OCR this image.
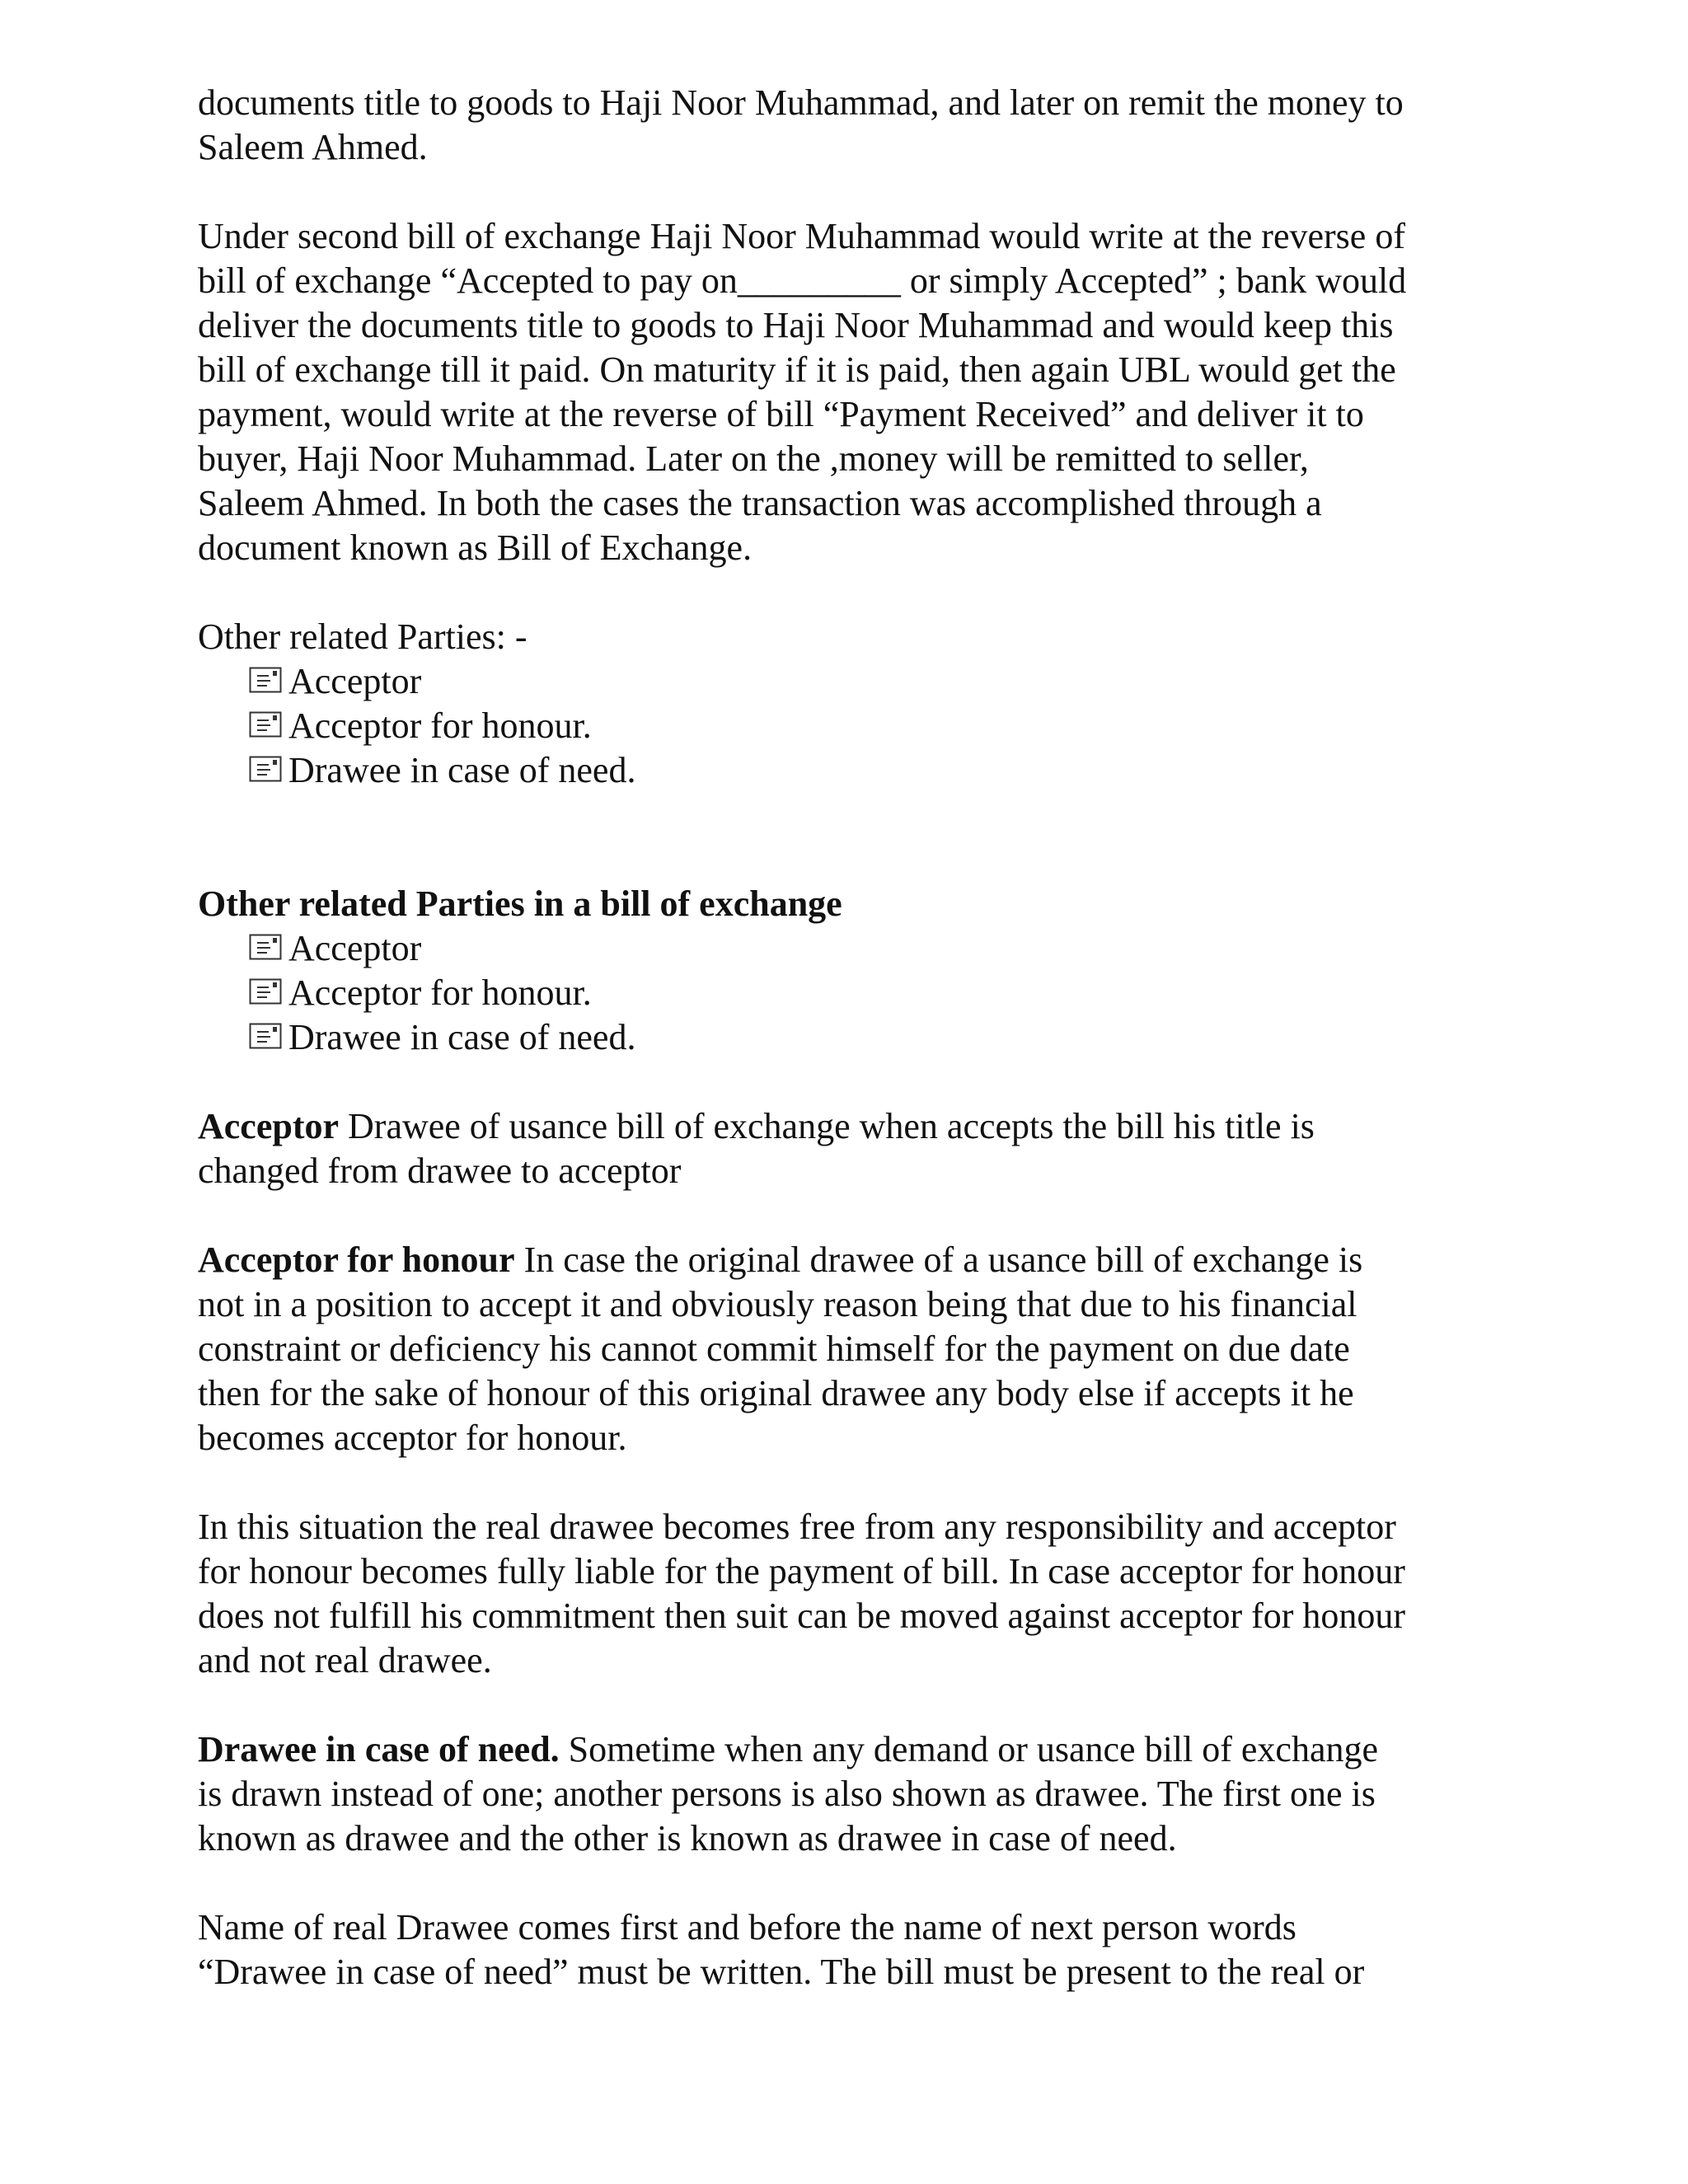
documents title to goods to Haji Noor Muhammad, and later on remit the money to
Saleem Ahmed.

Under second bill of exchange Haji Noor Muhammad would write at the reverse of
bill of exchange “Accepted to pay on_________ or simply Accepted” ; bank would
deliver the documents title to goods to Haji Noor Muhammad and would keep this
bill of exchange till it paid. On maturity if it is paid, then again UBL would get the
payment, would write at the reverse of bill “Payment Received” and deliver it to
buyer, Haji Noor Muhammad. Later on the ,money will be remitted to seller,
Saleem Ahmed. In both the cases the transaction was accomplished through a
document known as Bill of Exchange.

Other related Parties: -

Acceptor
Acceptor for honour.
Drawee in case of need.

Other related Parties in a bill of exchange

Acceptor
Acceptor for honour.
Drawee in case of need.

Acceptor Drawee of usance bill of exchange when accepts the bill his title is
changed from drawee to acceptor

Acceptor for honour In case the original drawee of a usance bill of exchange is
not in a position to accept it and obviously reason being that due to his financial
constraint or deficiency his cannot commit himself for the payment on due date
then for the sake of honour of this original drawee any body else if accepts it he
becomes acceptor for honour.

In this situation the real drawee becomes free from any responsibility and acceptor
for honour becomes fully liable for the payment of bill. In case acceptor for honour
does not fulfill his commitment then suit can be moved against acceptor for honour
and not real drawee.

Drawee in case of need. Sometime when any demand or usance bill of exchange
is drawn instead of one; another persons is also shown as drawee. The first one is
known as drawee and the other is known as drawee in case of need.

Name of real Drawee comes first and before the name of next person words
“Drawee in case of need” must be written. The bill must be present to the real or
